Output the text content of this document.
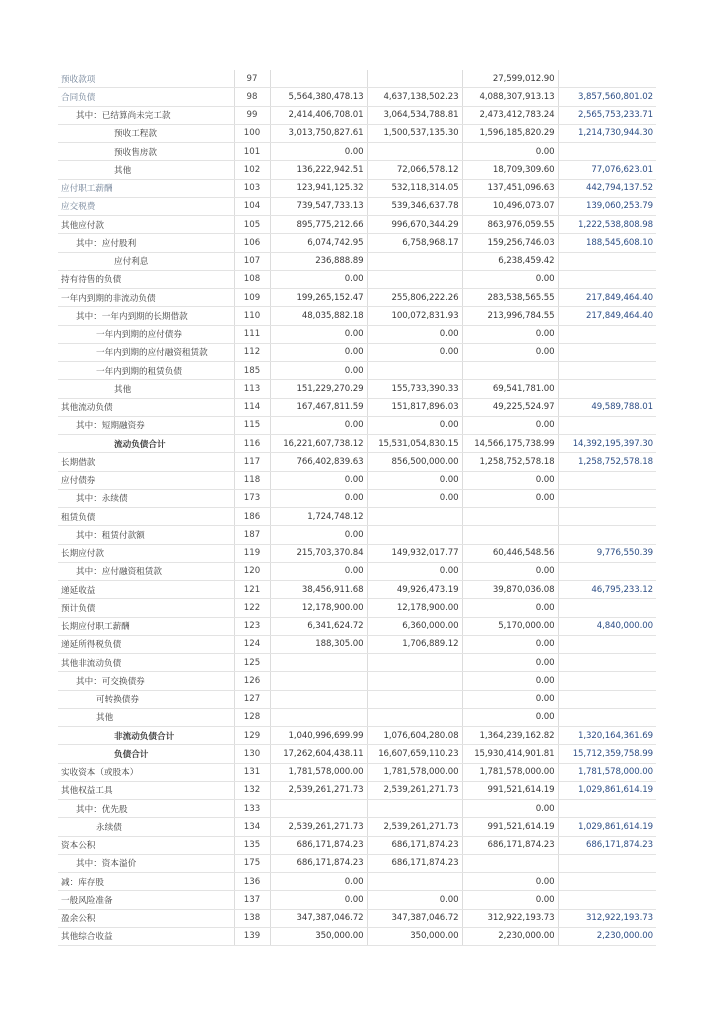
预收款项	97			27,599,012.90	
合同负债	98	5,564,380,478.13	4,637,138,502.23	4,088,307,913.13	3,857,560,801.02
其中：已结算尚未完工款	99	2,414,406,708.01	3,064,534,788.81	2,473,412,783.24	2,565,753,233.71
预收工程款	100	3,013,750,827.61	1,500,537,135.30	1,596,185,820.29	1,214,730,944.30
预收售房款	101	0.00		0.00	
其他	102	136,222,942.51	72,066,578.12	18,709,309.60	77,076,623.01
应付职工薪酬	103	123,941,125.32	532,118,314.05	137,451,096.63	442,794,137.52
应交税费	104	739,547,733.13	539,346,637.78	10,496,073.07	139,060,253.79
其他应付款	105	895,775,212.66	996,670,344.29	863,976,059.55	1,222,538,808.98
其中：应付股利	106	6,074,742.95	6,758,968.17	159,256,746.03	188,545,608.10
应付利息	107	236,888.89		6,238,459.42	
持有待售的负债	108	0.00		0.00	
一年内到期的非流动负债	109	199,265,152.47	255,806,222.26	283,538,565.55	217,849,464.40
其中：一年内到期的长期借款	110	48,035,882.18	100,072,831.93	213,996,784.55	217,849,464.40
一年内到期的应付债券	111	0.00	0.00	0.00	
一年内到期的应付融资租赁款	112	0.00	0.00	0.00	
一年内到期的租赁负债	185	0.00			
其他	113	151,229,270.29	155,733,390.33	69,541,781.00	
其他流动负债	114	167,467,811.59	151,817,896.03	49,225,524.97	49,589,788.01
其中：短期融资券	115	0.00	0.00	0.00	
流动负债合计	116	16,221,607,738.12	15,531,054,830.15	14,566,175,738.99	14,392,195,397.30
长期借款	117	766,402,839.63	856,500,000.00	1,258,752,578.18	1,258,752,578.18
应付债券	118	0.00	0.00	0.00	
其中：永续债	173	0.00	0.00	0.00	
租赁负债	186	1,724,748.12			
其中：租赁付款额	187	0.00			
长期应付款	119	215,703,370.84	149,932,017.77	60,446,548.56	9,776,550.39
其中：应付融资租赁款	120	0.00	0.00	0.00	
递延收益	121	38,456,911.68	49,926,473.19	39,870,036.08	46,795,233.12
预计负债	122	12,178,900.00	12,178,900.00	0.00	
长期应付职工薪酬	123	6,341,624.72	6,360,000.00	5,170,000.00	4,840,000.00
递延所得税负债	124	188,305.00	1,706,889.12	0.00	
其他非流动负债	125			0.00	
其中：可交换债券	126			0.00	
可转换债券	127			0.00	
其他	128			0.00	
非流动负债合计	129	1,040,996,699.99	1,076,604,280.08	1,364,239,162.82	1,320,164,361.69
负债合计	130	17,262,604,438.11	16,607,659,110.23	15,930,414,901.81	15,712,359,758.99
实收资本（或股本）	131	1,781,578,000.00	1,781,578,000.00	1,781,578,000.00	1,781,578,000.00
其他权益工具	132	2,539,261,271.73	2,539,261,271.73	991,521,614.19	1,029,861,614.19
其中：优先股	133			0.00	
永续债	134	2,539,261,271.73	2,539,261,271.73	991,521,614.19	1,029,861,614.19
资本公积	135	686,171,874.23	686,171,874.23	686,171,874.23	686,171,874.23
其中：资本溢价	175	686,171,874.23	686,171,874.23		
减：库存股	136	0.00		0.00	
一般风险准备	137	0.00	0.00	0.00	
盈余公积	138	347,387,046.72	347,387,046.72	312,922,193.73	312,922,193.73
其他综合收益	139	350,000.00	350,000.00	2,230,000.00	2,230,000.00
